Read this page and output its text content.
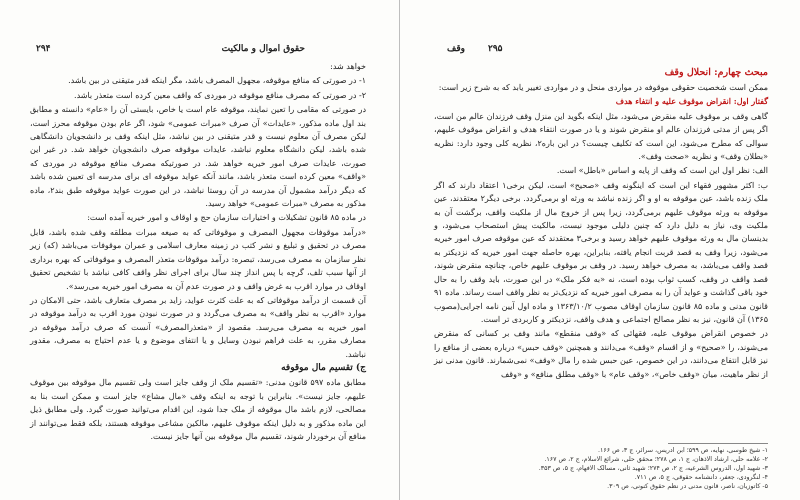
۲۹۴	حقوق اموال و مالکیت

خواهد شد:

۱- در صورتی که منافع موقوفه، مجهول المصرف باشد، مگر اینکه قدر متیقنی در بین باشد.

۲- در صورتی که مصرف منافع موقوفه در موردی که واقف معین کرده است متعذر باشد.

در صورتی که مقامی را تعین نمایند، موقوفه عام است یا خاص، بایستی آن را «عام» دانسته و مطابق بند اول ماده مذکور، «عایدات» آن صرف «مبرات عمومی» شود، اگر عام بودن موقوفه محرز است، لیکن مصرف آن معلوم نیست و قدر متیقنی در بین نباشد، مثل اینکه وقف بر دانشجویان دانشگاهی شده باشد، لیکن دانشگاه معلوم نباشد، عایدات موقوفه صرف دانشجویان خواهد شد. در غیر این صورت، عایدات صرف امور خیریه خواهد شد. در صورتیکه مصرف منافع موقوفه در موردی که «واقف» معین کرده است متعذر باشد، مانند آنکه عواید موقوفه ای برای مدرسه ای تعیین شده باشد که دیگر درآمد مشمول آن مدرسه در آن روستا نباشد، در این صورت عواید موقوفه طبق بند۲، ماده مذکور به مصرف «مبرات عمومی» خواهد رسید.

در ماده ۸۵ قانون تشکیلات و اختیارات سازمان حج و اوقاف و امور خیریه آمده است:

«درآمد موقوفات مجهول المصرف و موقوفاتی که به صیغه مبرات مطلقه وقف شده باشد، قابل مصرف در تحقیق و تبلیغ و نشر کتب در زمینه معارف اسلامی و عمران موقوفات می‌باشد (که) زیر نظر سازمان به مصرف می‌رسد، تبصره: درآمد موقوفات متعذر المصرف و موقوفاتی که بهره برداری از آنها سبب تلف، گرچه با پس انداز چند سال برای اجرای نظر واقف کافی نباشد با تشخیص تحقیق اوقاف در موارد اقرب به غرض واقف و در صورت عدم آن به مصرف امور خیریه می‌رسد».

آن قسمت از درآمد موقوفاتی که به علت کثرت عواید، زاید بر مصرف متعارف باشد، حتی الامکان در موارد «اقرب به نظر واقف» به مصرف می‌گردد و در صورت نبودن مورد اقرب به درآمد موقوفه در امور خیریه به مصرف می‌رسد. مقصود از «متعذرالمصرف» آنست که صرف درآمد موقوفه در مصارف مقرر، به علت فراهم نبودن وسایل و یا انتفای موضوع و یا عدم احتیاج به مصرف، مقدور نباشد.

ج) تقسیم مال موقوفه

مطابق ماده ۵۹۷ قانون مدنی: «تقسیم ملک از وقف جایز است ولی تقسیم مال موقوفه بین موقوف علیهم، جایز نیست». بنابراین با توجه به اینکه وقف «مال مشاع» جایز است و ممکن است بنا به مصالحی، لازم باشد مال موقوفه از ملک جدا شود، این اقدام می‌توانید صورت گیرد. ولی مطابق ذیل این ماده مذکور و به دلیل اینکه موقوف علیهم، مالکین مشاعی موقوفه هستند، بلکه فقط می‌توانند از منافع آن برخوردار شوند، تقسیم مال موقوفه بین آنها جایز نیست.

۲۹۵
وقف

مبحث چهارم: انحلال وقف

ممکن است شخصیت حقوقی موقوفه در مواردی منحل و در مواردی تغییر یابد که به شرح زیر است:

گفتار اول: انقراض موقوف علیه و انتفاء هدف

گاهی وقف بر موقوف علیه منقرض می‌شود، مثل اینکه بگوید این منزل وقف فرزندان عالم من است، اگر پس از مدتی فرزندان عالم او منقرض شوند و یا در صورت انتفاء هدف و انقراض موقوف علیهم، سوالی که مطرح می‌شود، این است که تکلیف چیست؟ در این باره۲، نظریه کلی وجود دارد: نظریه «بطلان وقف» و نظریه «صحت وقف».

الف: نظر اول این است که وقف از پایه و اساس «باطل» است.

ب: اکثر مشهور فقهاء این است که اینگونه وقف «صحیح» است، لیکن برخی۱ اعتقاد دارند که اگر ملک زنده باشد، عین موقوفه به او و اگر زنده نباشد به ورثه او برمی‌گردد. برخی دیگر۲ معتقدند، عین موقوفه به ورثه موقوف علیهم برمی‌گردد، زیرا پس از خروج مال از ملکیت واقف، برگشت آن به ملکیت وی، نیاز به دلیل دارد که چنین دلیلی موجود نیست، مالکیت پیش استصحاب می‌شود، و بدینسان مال به ورثه موقوف علیهم خواهد رسید و برخی۳ معتقدند که عین موقوفه صرف امور خیریه می‌شود، زیرا وقف به قصد قربت انجام یافته، بنابراین، بهره حاصله جهت امور خیریه که نزدیکتر به قصد واقف می‌باشد، به مصرف خواهد رسید. در وقف بر موقوف علیهم خاص، چنانچه منقرض شوند، قصد واقف در وقف، کسب ثواب بوده است، نه «به فکر ملک» در این صورت، باید وقف را به حال خود باقی گذاشت و عواید آن را به مصرف امور خیریه که نزدیک‌تر به نظر واقف است رساند. ماده ۹۱ قانون مدنی و ماده ۸۵ قانون سازمان اوقاف مصوب ۱۳۶۳/۱۰/۲ و ماده اول آیین نامه اجرایی(مصوب ۱۳۶۵) آن قانون، نیز به نظر مصالح اجتماعی و هدف واقف، نزدیکتر و کاربردی تر است.

در خصوص انقراض موقوف علیه، فقهائی که «وقف منقطع» مانند وقف بر کسانی که منقرض می‌شوند، را «صحیح» و از اقسام «وقف» می‌دانند و همچنین «وقف حبس» درباره بعضی از منافع را نیز قابل انتفاع می‌دانند، در این خصوص، عین حبس شده را مال «وقف» نمی‌شمارند. قانون مدنی نیز از نظر ماهیت، میان «وقف خاص»، «وقف عام» با «وقف مطلق منافع» و «وقف

۱- شیخ طوسی، نهایه، ص ۵۹۹؛ ابن ادریس، سرائر، ج ۳، ص ۱۶۶.

۲- علامه حلی، ارشاد الاذهان، ج ۱، ص ۲۷۸؛ محقق حلی، شرائع الاسلام، ج ۲، ص ۱۶۷.

۳- شهید اول، الدروس الشرعیه، ج ۲، ص ۲۷۴؛ شهید ثانی، مسالک الافهام، ج ۵، ص ۳۵۳.

۴- لنگرودی، جعفر، دانشنامه حقوقی، ج ۵، ص ۷۱۱.

۵- کاتوزیان، ناصر، قانون مدنی در نظم حقوق کنونی، ص ۳۰۹.
